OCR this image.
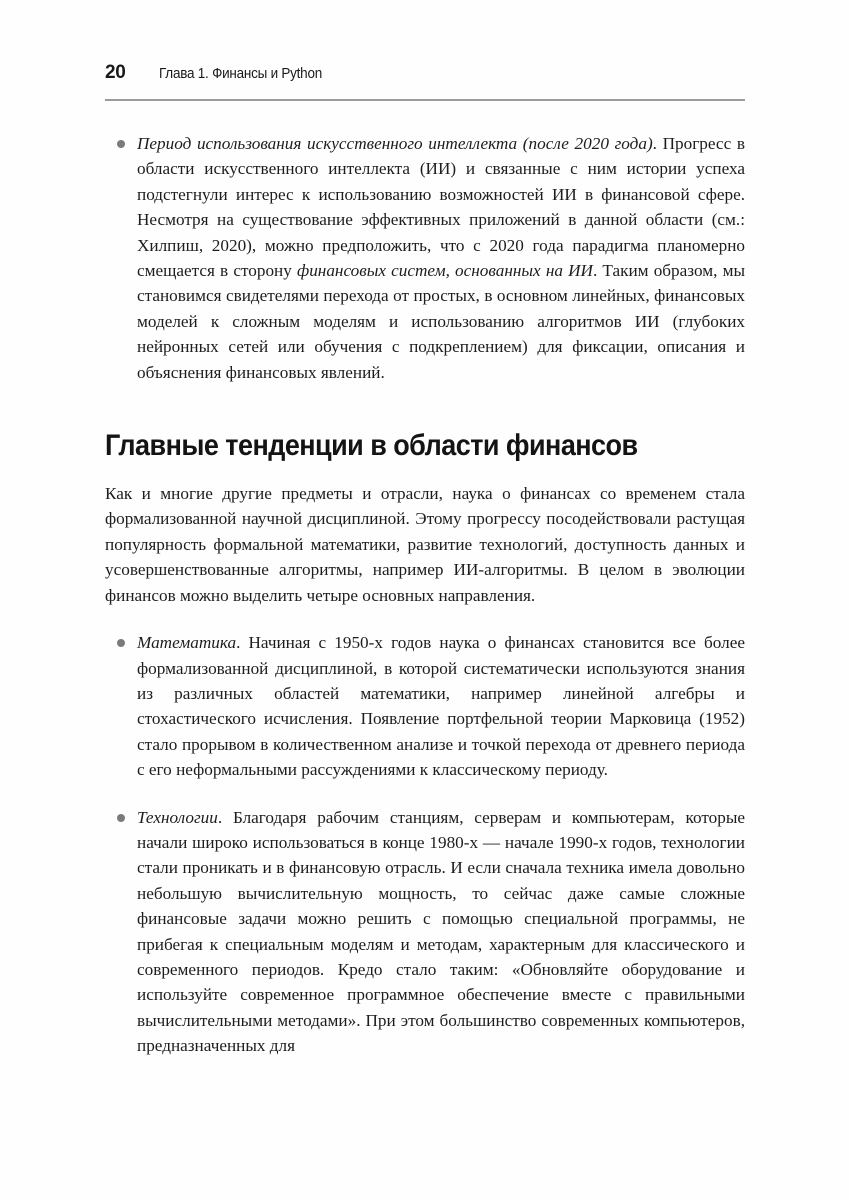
20	Глава 1. Финансы и Python

Период использования искусственного интеллекта (после 2020 года). Прогресс в области искусственного интеллекта (ИИ) и связанные с ним истории успеха подстегнули интерес к использованию возможностей ИИ в финансовой сфере. Несмотря на существование эффективных приложений в данной области (см.: Хилпиш, 2020), можно предположить, что с 2020 года парадигма планомерно смещается в сторону финансовых систем, основанных на ИИ. Таким образом, мы становимся свидетелями перехода от простых, в основном линейных, финансовых моделей к сложным моделям и использованию алгоритмов ИИ (глубоких нейронных сетей или обучения с подкреплением) для фиксации, описания и объяснения финансовых явлений.

Главные тенденции в области финансов

Как и многие другие предметы и отрасли, наука о финансах со временем стала формализованной научной дисциплиной. Этому прогрессу посодействовали растущая популярность формальной математики, развитие технологий, доступность данных и усовершенствованные алгоритмы, например ИИ-алгоритмы. В целом в эволюции финансов можно выделить четыре основных направления.

Математика. Начиная с 1950-х годов наука о финансах становится все более формализованной дисциплиной, в которой систематически используются знания из различных областей математики, например линейной алгебры и стохастического исчисления. Появление портфельной теории Марковица (1952) стало прорывом в количественном анализе и точкой перехода от древнего периода с его неформальными рассуждениями к классическому периоду.

Технологии. Благодаря рабочим станциям, серверам и компьютерам, которые начали широко использоваться в конце 1980-х — начале 1990-х годов, технологии стали проникать и в финансовую отрасль. И если сначала техника имела довольно небольшую вычислительную мощность, то сейчас даже самые сложные финансовые задачи можно решить с помощью специальной программы, не прибегая к специальным моделям и методам, характерным для классического и современного периодов. Кредо стало таким: «Обновляйте оборудование и используйте современное программное обеспечение вместе с правильными вычислительными методами». При этом большинство современных компьютеров, предназначенных для
